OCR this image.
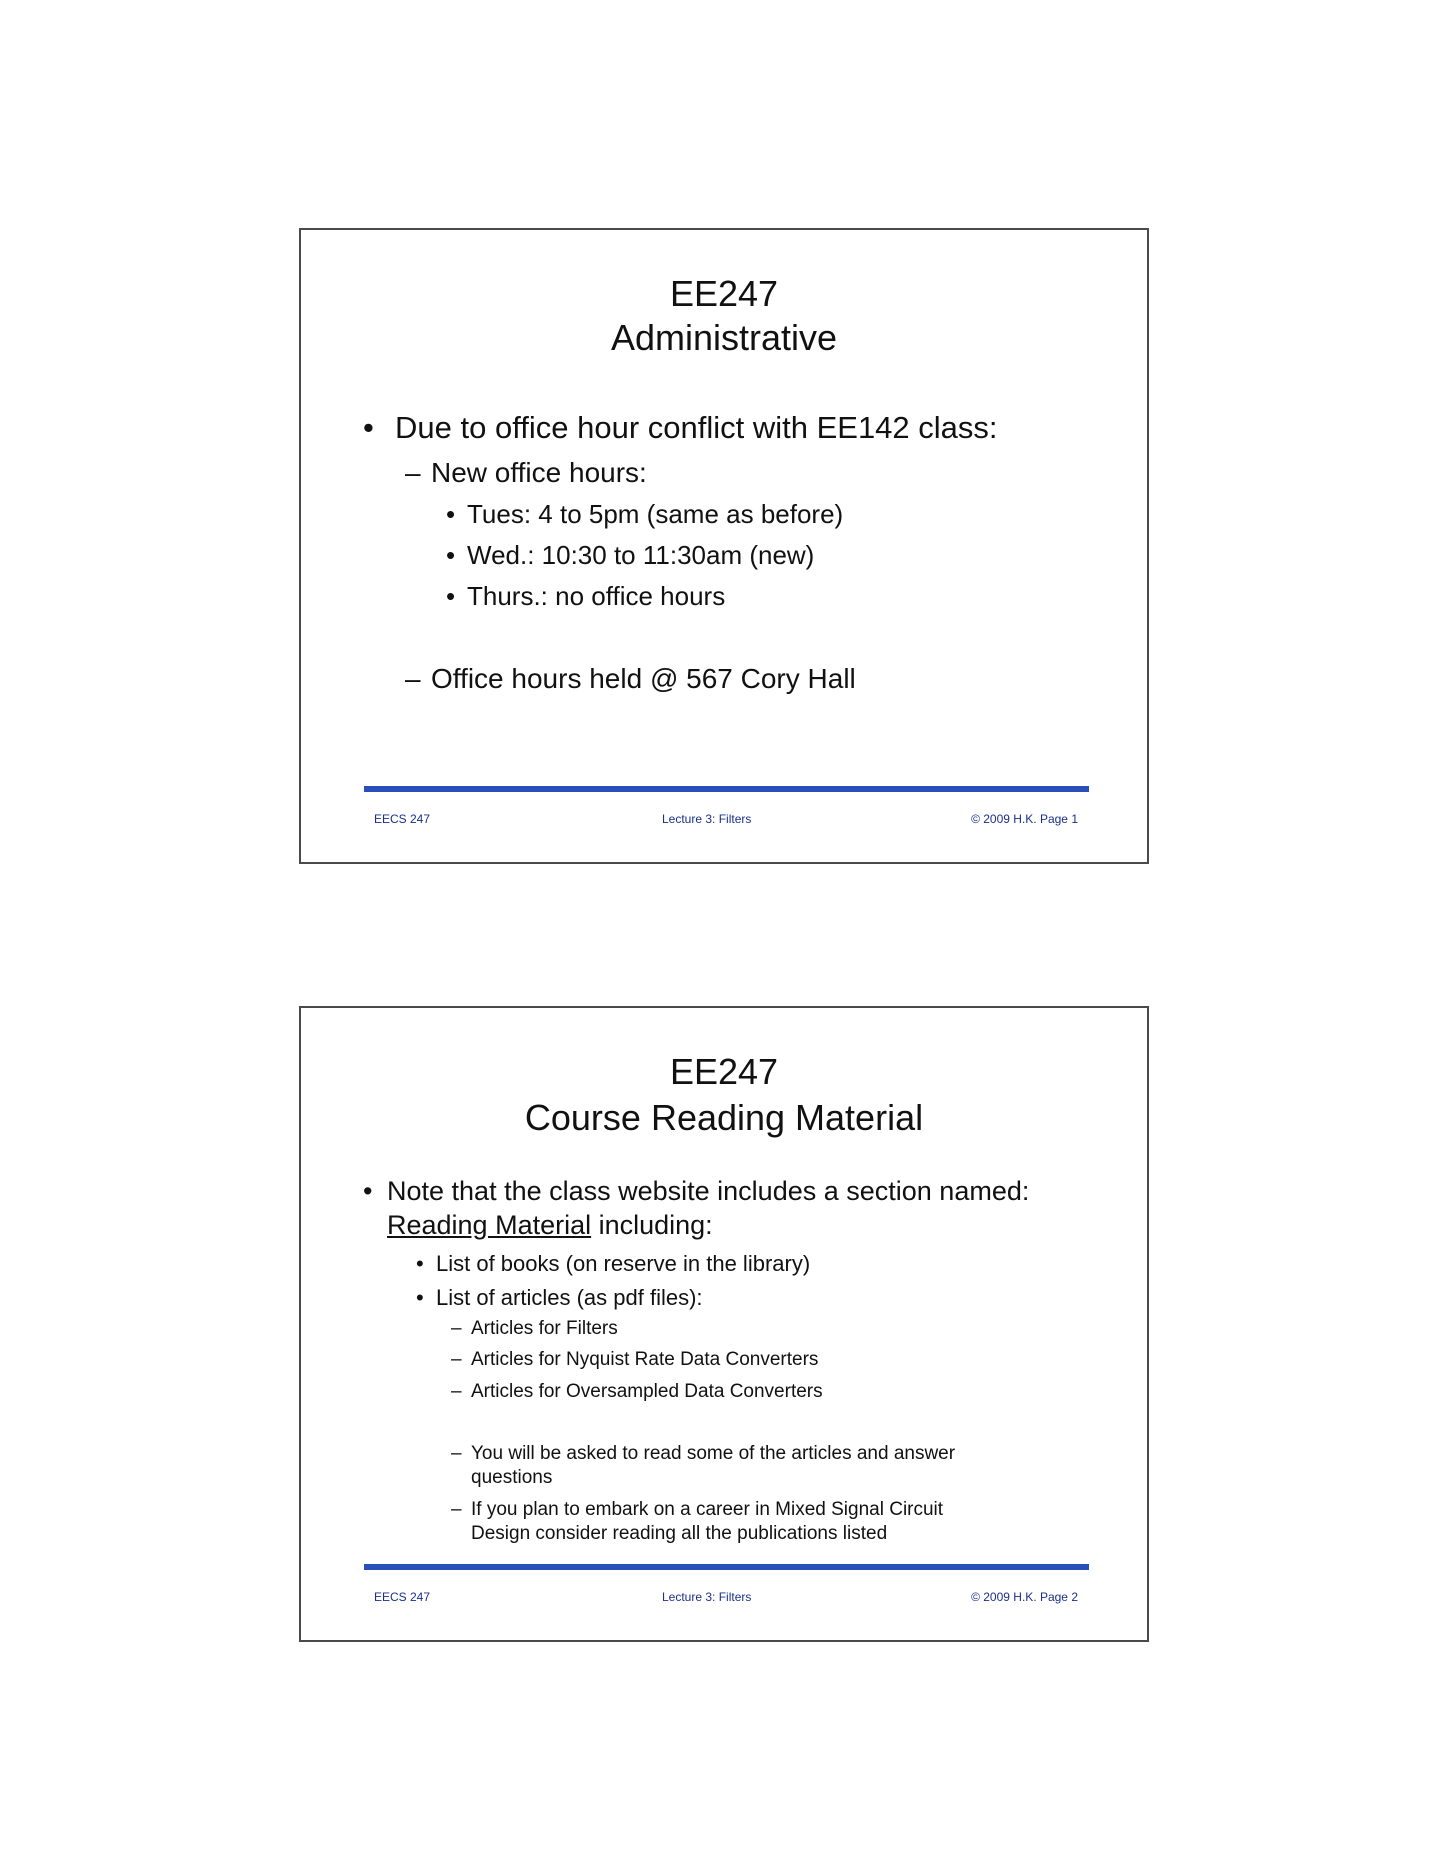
EE247
Administrative
• Due to office hour conflict with EE142 class:
– New office hours:
• Tues: 4 to 5pm (same as before)
• Wed.: 10:30 to 11:30am (new)
• Thurs.: no office hours
– Office hours held @ 567 Cory Hall
EECS 247	Lecture 3: Filters	© 2009 H.K. Page 1
EE247
Course Reading Material
• Note that the class website includes a section named:
Reading Material including:
• List of books (on reserve in the library)
• List of articles (as pdf files):
– Articles for Filters
– Articles for Nyquist Rate Data Converters
– Articles for Oversampled Data Converters
– You will be asked to read some of the articles and answer
questions
– If you plan to embark on a career in Mixed Signal Circuit
Design consider reading all the publications listed
EECS 247	Lecture 3: Filters	© 2009 H.K. Page 2
